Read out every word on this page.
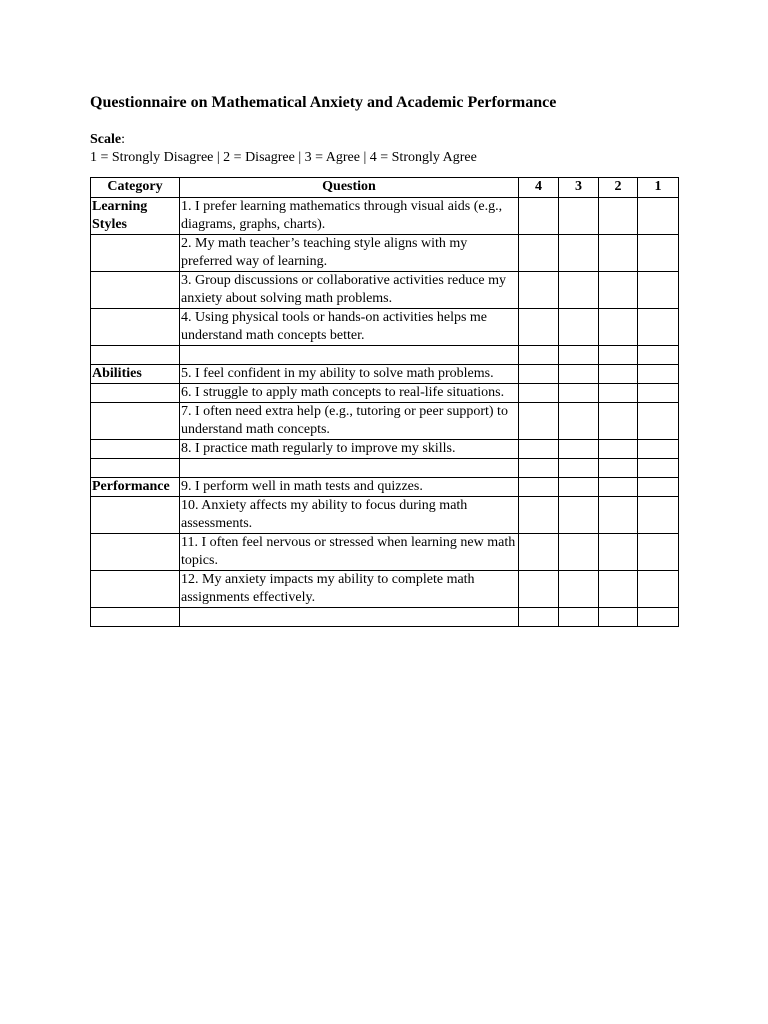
Questionnaire on Mathematical Anxiety and Academic Performance

Scale:
1 = Strongly Disagree | 2 = Disagree | 3 = Agree | 4 = Strongly Agree
Category	Question	4	3	2	1
Learning Styles	1. I prefer learning mathematics through visual aids (e.g., diagrams, graphs, charts).				
	2. My math teacher’s teaching style aligns with my preferred way of learning.				
	3. Group discussions or collaborative activities reduce my anxiety about solving math problems.				
	4. Using physical tools or hands-on activities helps me understand math concepts better.				

Abilities	5. I feel confident in my ability to solve math problems.				
	6. I struggle to apply math concepts to real-life situations.				
	7. I often need extra help (e.g., tutoring or peer support) to understand math concepts.				
	8. I practice math regularly to improve my skills.				

Performance	9. I perform well in math tests and quizzes.				
	10. Anxiety affects my ability to focus during math assessments.				
	11. I often feel nervous or stressed when learning new math topics.				
	12. My anxiety impacts my ability to complete math assignments effectively.				
